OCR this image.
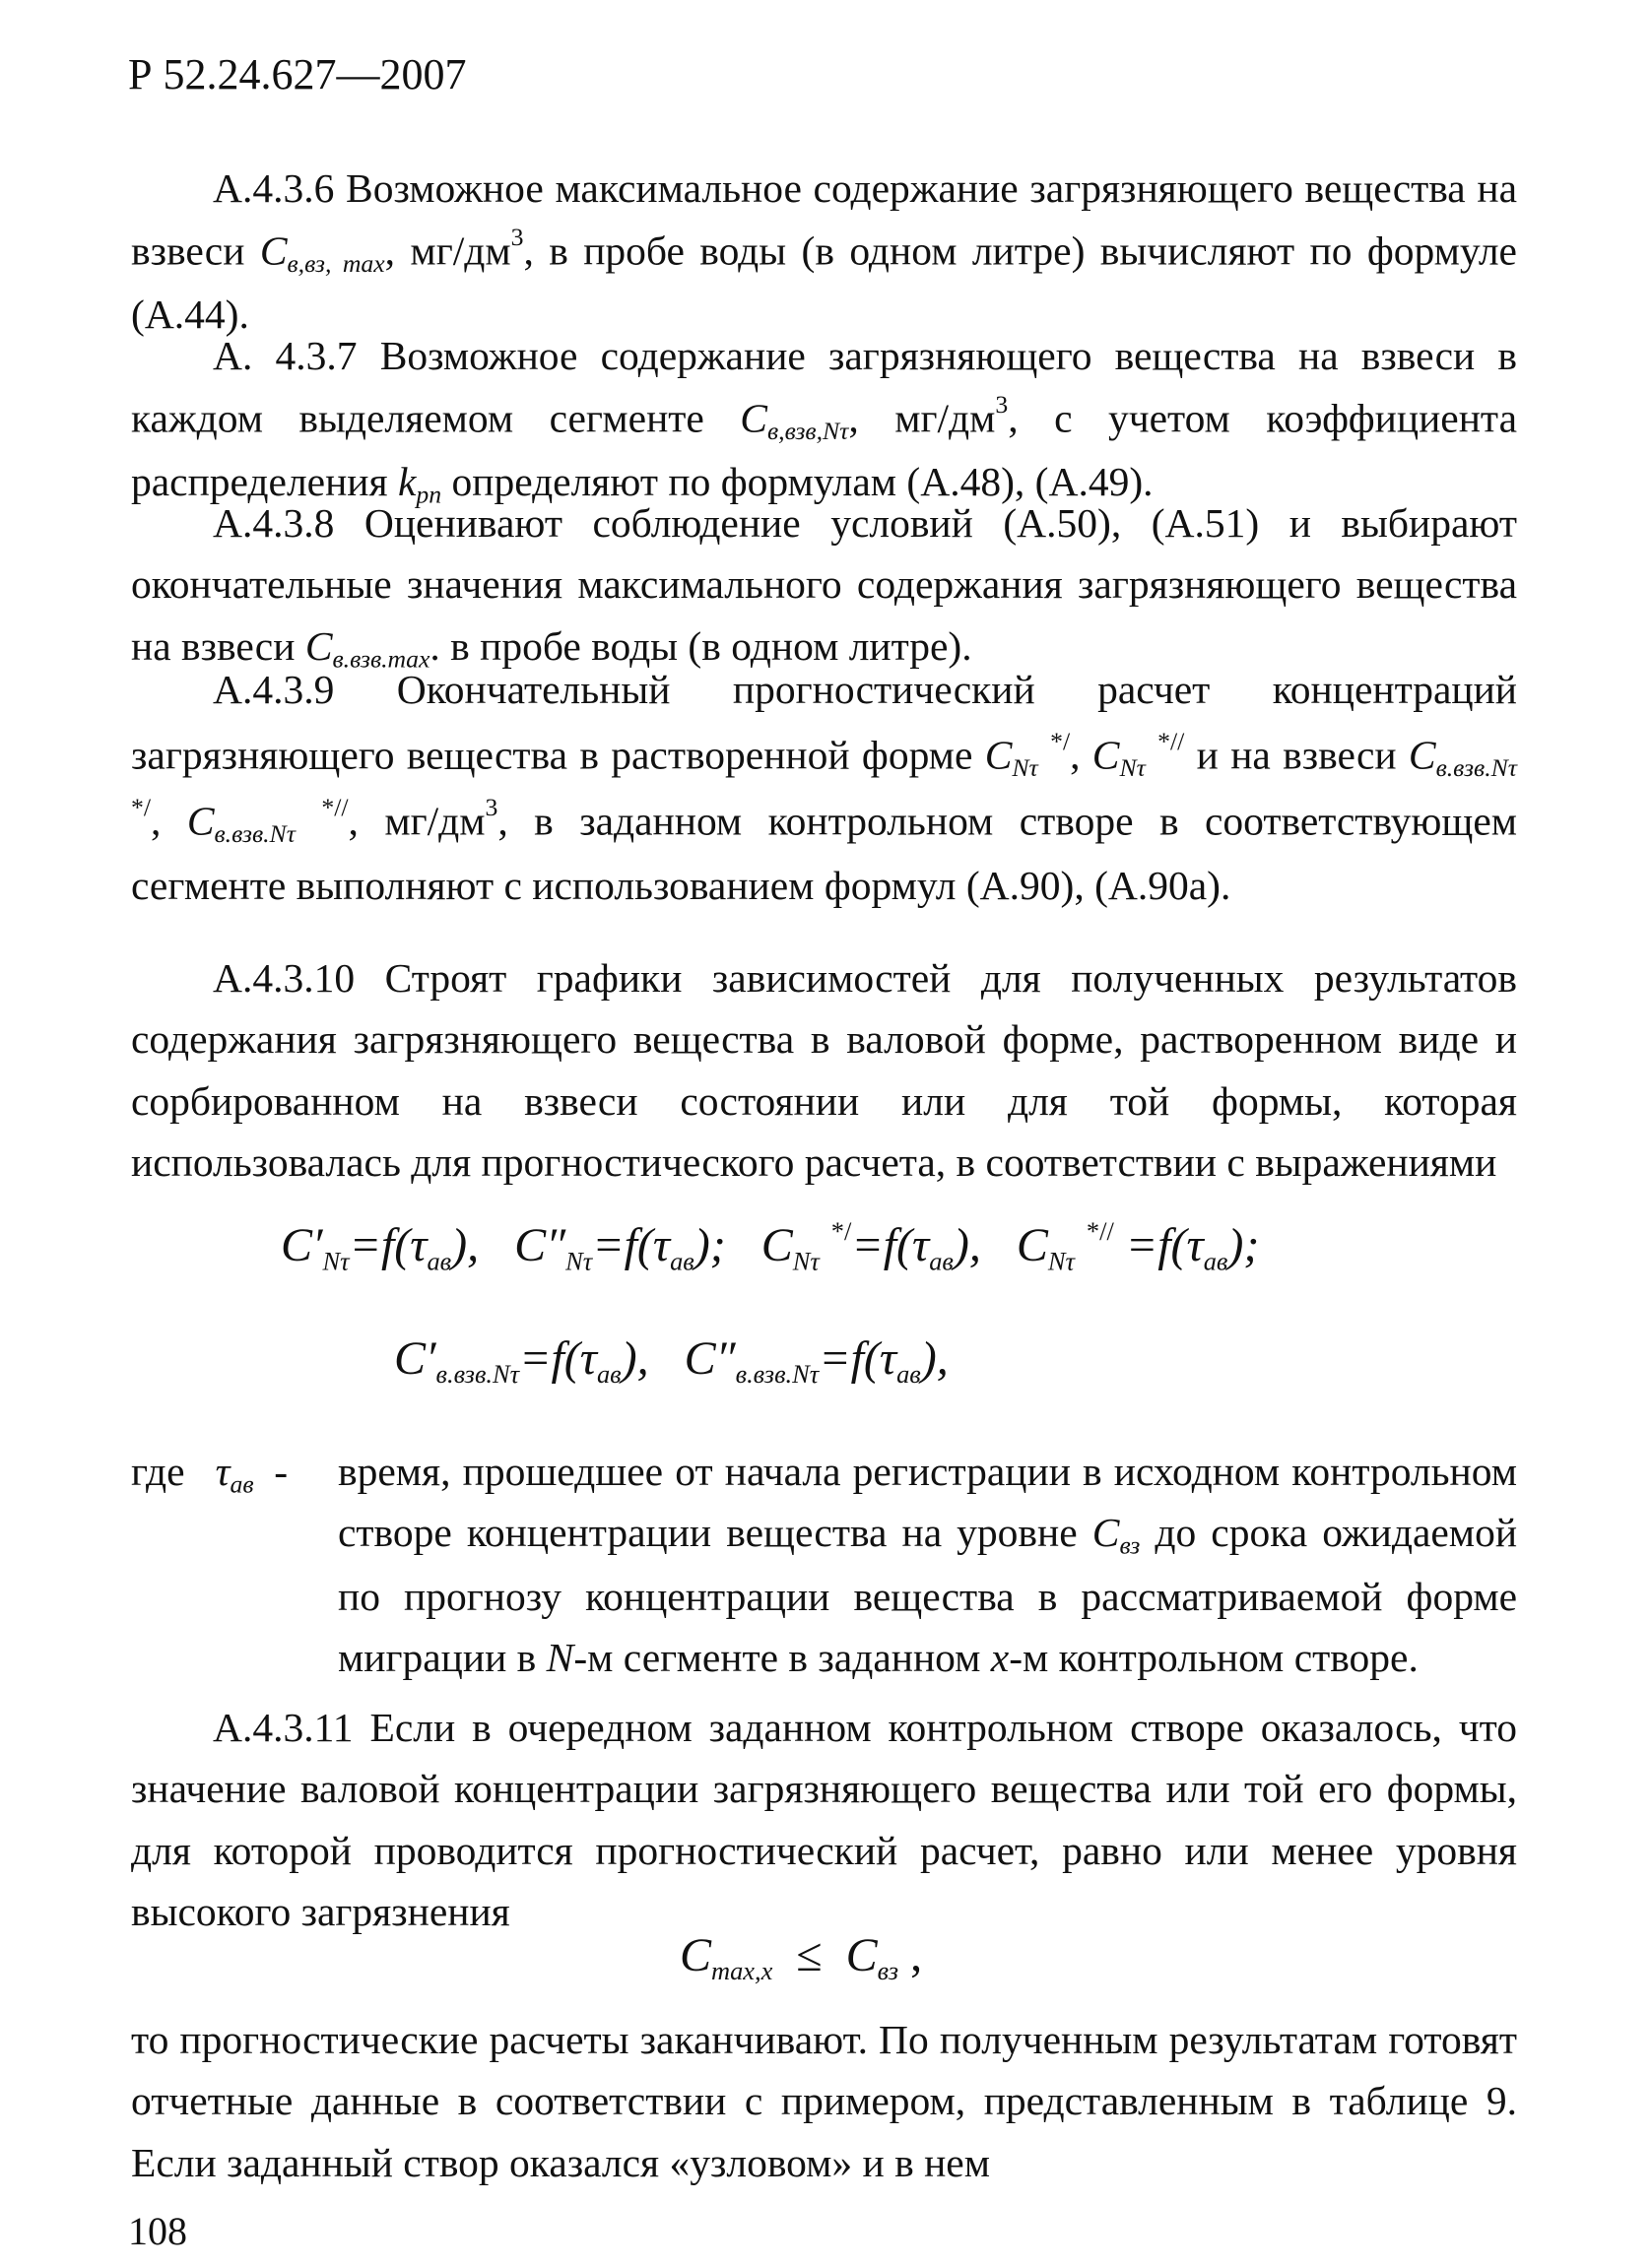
Р 52.24.627—2007
А.4.3.6 Возможное максимальное содержание загрязняющего вещества на взвеси $C_{в,вз, max}$, $мг/дм^3$, в пробе воды (в одном литре) вычисляют по формуле (А.44).
А. 4.3.7 Возможное содержание загрязняющего вещества на взвеси в каждом выделяемом сегменте $C_{в,взв,N\tau}$, $мг/дм^3$, с учетом коэффициента распределения $k_{рn}$ определяют по формулам (А.48), (А.49).
А.4.3.8 Оценивают соблюдение условий (А.50), (А.51) и выбирают окончательные значения максимального содержания загрязняющего вещества на взвеси $C_{в.взв.max}$. в пробе воды (в одном литре).
А.4.3.9 Окончательный прогностический расчет концентраций загрязняющего вещества в растворенной форме $C_{N\tau}$ */, $C_{N\tau}$ *// и на взвеси $C_{в.взв.N\tau}$ */, $C_{в.взв.N\tau}$ *//, $мг/дм^3$, в заданном контрольном створе в соответствующем сегменте выполняют с использованием формул (А.90), (А.90а).
А.4.3.10 Строят графики зависимостей для полученных результатов содержания загрязняющего вещества в валовой форме, растворенном виде и сорбированном на взвеси состоянии или для той формы, которая использовалась для прогностического расчета, в соответствии с выражениями
C′Nτ=f(τав), C″Nτ=f(τав); CNτ */=f(τав), CNτ *// =f(τав);
C′в.взв.Nτ=f(τав), C″в.взв.Nτ=f(τав),
где $\tau_{ав}$ - время, прошедшее от начала регистрации в исходном контрольном створе концентрации вещества на уровне $C_{вз}$ до срока ожидаемой по прогнозу концентрации вещества в рассматриваемой форме миграции в N-м сегменте в заданном x-м контрольном створе.
А.4.3.11 Если в очередном заданном контрольном створе оказалось, что значение валовой концентрации загрязняющего вещества или той его формы, для которой проводится прогностический расчет, равно или менее уровня высокого загрязнения
Cmax,x ≤ Cвз ,
то прогностические расчеты заканчивают. По полученным результатам готовят отчетные данные в соответствии с примером, представленным в таблице 9. Если заданный створ оказался «узловом» и в нем
108
